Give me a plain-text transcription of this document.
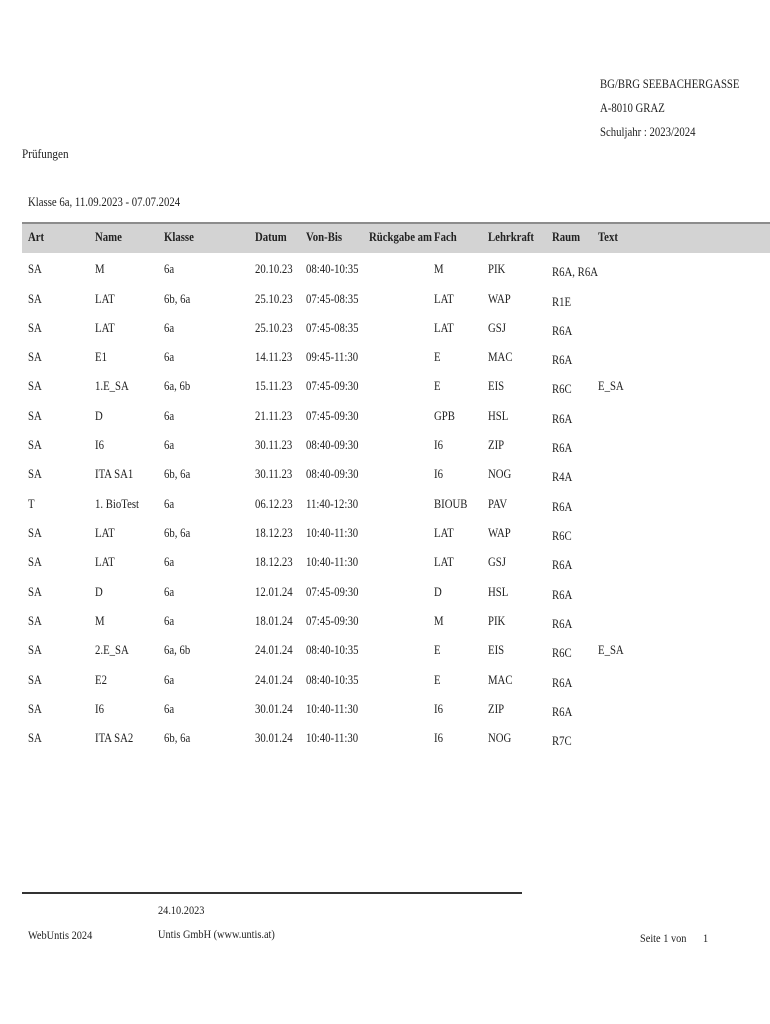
BG/BRG SEEBACHERGASSE
A-8010 GRAZ
Schuljahr : 2023/2024
Prüfungen
Klasse 6a, 11.09.2023 - 07.07.2024
Art	Name	Klasse	Datum Von-Bis Rückgabe am Fach	Lehrkraft Raum Text
SA	M	6a	20.10.23 08:40-10:35	M	PIK	R6A, R6A
SA	LAT	6b, 6a	25.10.23 07:45-08:35	LAT	WAP	R1E
SA	LAT	6a	25.10.23 07:45-08:35	LAT	GSJ	R6A
SA	E1	6a	14.11.23 09:45-11:30	E	MAC	R6A
SA	1.E_SA	6a, 6b	15.11.23 07:45-09:30	E	EIS	R6C E_SA
SA	D	6a	21.11.23 07:45-09:30	GPB	HSL	R6A
SA	I6	6a	30.11.23 08:40-09:30	I6	ZIP	R6A
SA	ITA SA1 6b, 6a	30.11.23 08:40-09:30	I6	NOG	R4A
T	1. BioTest 6a	06.12.23 11:40-12:30	BIOUB PAV	R6A
SA	LAT	6b, 6a	18.12.23 10:40-11:30	LAT	WAP	R6C
SA	LAT	6a	18.12.23 10:40-11:30	LAT	GSJ	R6A
SA	D	6a	12.01.24 07:45-09:30	D	HSL	R6A
SA	M	6a	18.01.24 07:45-09:30	M	PIK	R6A
SA	2.E_SA	6a, 6b	24.01.24 08:40-10:35	E	EIS	R6C E_SA
SA	E2	6a	24.01.24 08:40-10:35	E	MAC	R6A
SA	I6	6a	30.01.24 10:40-11:30	I6	ZIP	R6A
SA	ITA SA2 6b, 6a	30.01.24 10:40-11:30	I6	NOG	R7C
WebUntis 2024
24.10.2023
Untis GmbH (www.untis.at)	Seite 1 von 1
